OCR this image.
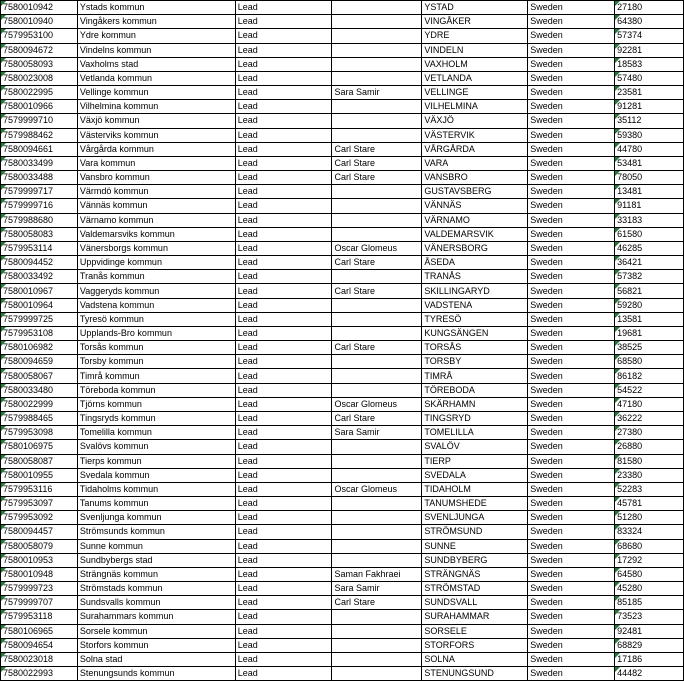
7580010942	Ystads kommun	Lead		YSTAD	Sweden	27180
7580010940	Vingåkers kommun	Lead		VINGÅKER	Sweden	64380
7579953100	Ydre kommun	Lead		YDRE	Sweden	57374
7580094672	Vindelns kommun	Lead		VINDELN	Sweden	92281
7580058093	Vaxholms stad	Lead		VAXHOLM	Sweden	18583
7580023008	Vetlanda kommun	Lead		VETLANDA	Sweden	57480
7580022995	Vellinge kommun	Lead	Sara Samir	VELLINGE	Sweden	23581
7580010966	Vilhelmina kommun	Lead		VILHELMINA	Sweden	91281
7579999710	Växjö kommun	Lead		VÄXJÖ	Sweden	35112
7579988462	Västerviks kommun	Lead		VÄSTERVIK	Sweden	59380
7580094661	Vårgårda kommun	Lead	Carl Stare	VÅRGÅRDA	Sweden	44780
7580033499	Vara kommun	Lead	Carl Stare	VARA	Sweden	53481
7580033488	Vansbro kommun	Lead	Carl Stare	VANSBRO	Sweden	78050
7579999717	Värmdö kommun	Lead		GUSTAVSBERG	Sweden	13481
7579999716	Vännäs kommun	Lead		VÄNNÄS	Sweden	91181
7579988680	Värnamo kommun	Lead		VÄRNAMO	Sweden	33183
7580058083	Valdemarsviks kommun	Lead		VALDEMARSVIK	Sweden	61580
7579953114	Vänersborgs kommun	Lead	Oscar Glomeus	VÄNERSBORG	Sweden	46285
7580094452	Uppvidinge kommun	Lead	Carl Stare	ÅSEDA	Sweden	36421
7580033492	Tranås kommun	Lead		TRANÅS	Sweden	57382
7580010967	Vaggeryds kommun	Lead	Carl Stare	SKILLINGARYD	Sweden	56821
7580010964	Vadstena kommun	Lead		VADSTENA	Sweden	59280
7579999725	Tyresö kommun	Lead		TYRESÖ	Sweden	13581
7579953108	Upplands-Bro kommun	Lead		KUNGSÄNGEN	Sweden	19681
7580106982	Torsås kommun	Lead	Carl Stare	TORSÅS	Sweden	38525
7580094659	Torsby kommun	Lead		TORSBY	Sweden	68580
7580058067	Timrå kommun	Lead		TIMRÅ	Sweden	86182
7580033480	Töreboda kommun	Lead		TÖREBODA	Sweden	54522
7580022999	Tjörns kommun	Lead	Oscar Glomeus	SKÄRHAMN	Sweden	47180
7579988465	Tingsryds kommun	Lead	Carl Stare	TINGSRYD	Sweden	36222
7579953098	Tomelilla kommun	Lead	Sara Samir	TOMELILLA	Sweden	27380
7580106975	Svalövs kommun	Lead		SVALÖV	Sweden	26880
7580058087	Tierps kommun	Lead		TIERP	Sweden	81580
7580010955	Svedala kommun	Lead		SVEDALA	Sweden	23380
7579953116	Tidaholms kommun	Lead	Oscar Glomeus	TIDAHOLM	Sweden	52283
7579953097	Tanums kommun	Lead		TANUMSHEDE	Sweden	45781
7579953092	Svenljunga kommun	Lead		SVENLJUNGA	Sweden	51280
7580094457	Strömsunds kommun	Lead		STRÖMSUND	Sweden	83324
7580058079	Sunne kommun	Lead		SUNNE	Sweden	68680
7580010953	Sundbybergs stad	Lead		SUNDBYBERG	Sweden	17292
7580010948	Strängnäs kommun	Lead	Saman Fakhraei	STRÄNGNÄS	Sweden	64580
7579999723	Strömstads kommun	Lead	Sara Samir	STRÖMSTAD	Sweden	45280
7579999707	Sundsvalls kommun	Lead	Carl Stare	SUNDSVALL	Sweden	85185
7579953118	Surahammars kommun	Lead		SURAHAMMAR	Sweden	73523
7580106965	Sorsele kommun	Lead		SORSELE	Sweden	92481
7580094654	Storfors kommun	Lead		STORFORS	Sweden	68829
7580023018	Solna stad	Lead		SOLNA	Sweden	17186
7580022993	Stenungsunds kommun	Lead		STENUNGSUND	Sweden	44482
